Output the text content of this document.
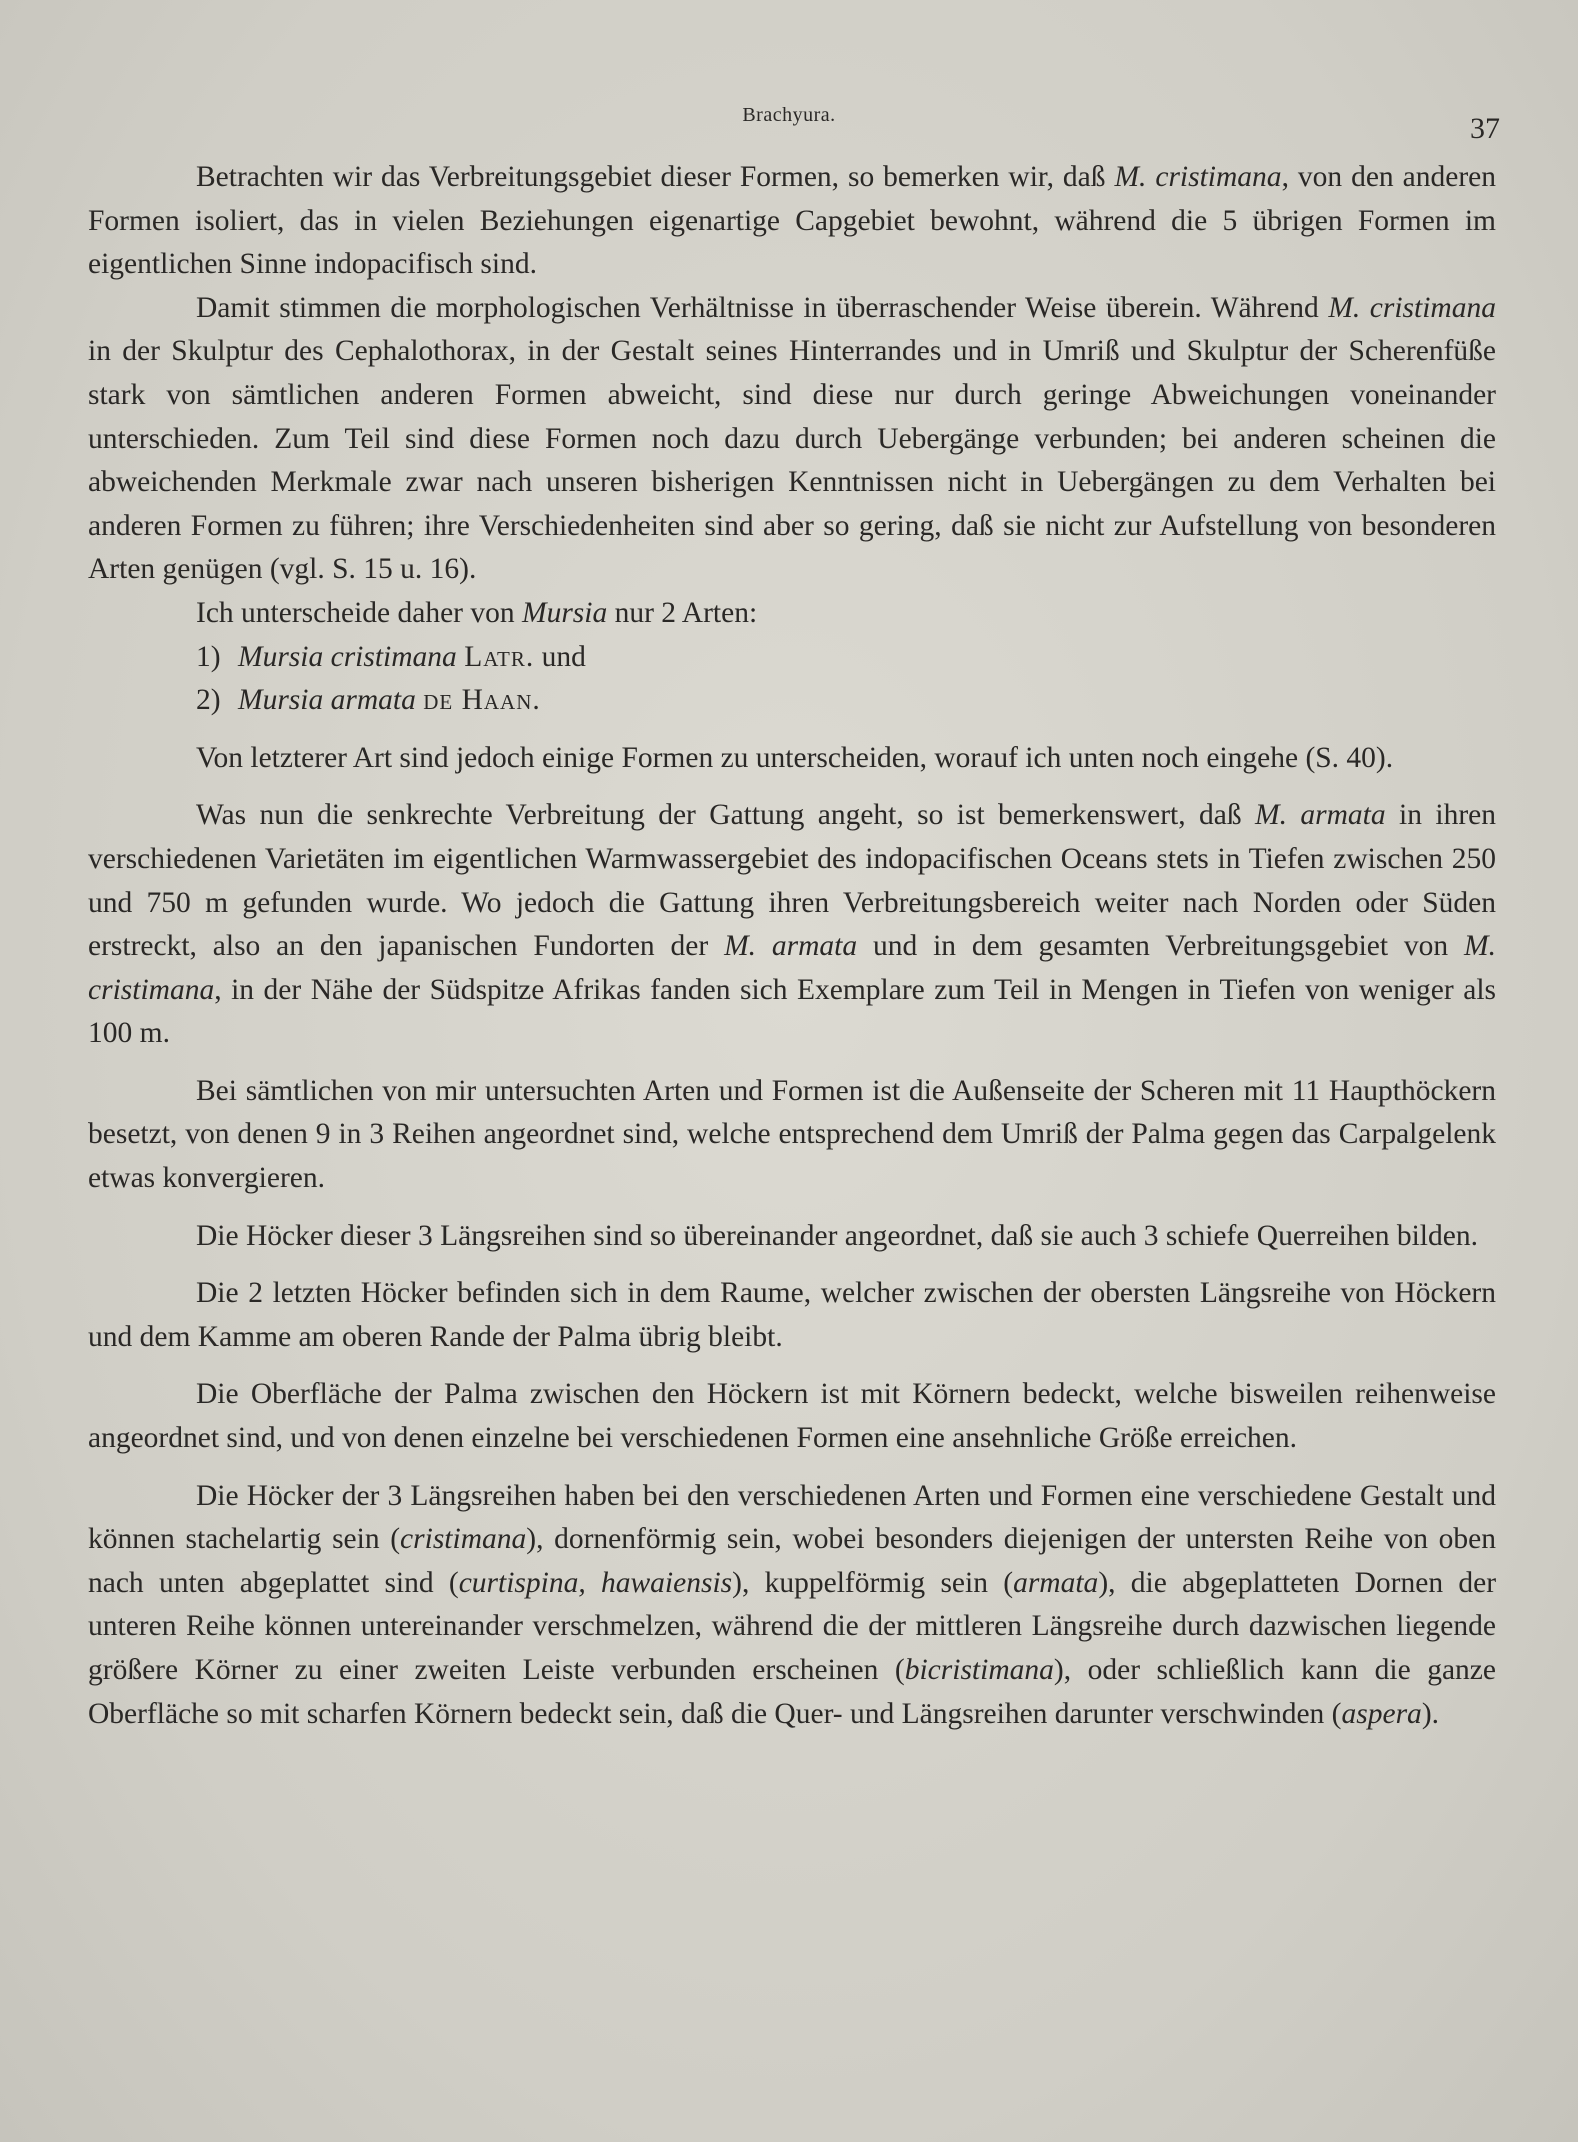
Brachyura.	37

Betrachten wir das Verbreitungsgebiet dieser Formen, so bemerken wir, daß M. cristimana, von den anderen Formen isoliert, das in vielen Beziehungen eigenartige Capgebiet bewohnt, während die 5 übrigen Formen im eigentlichen Sinne indopacifisch sind.

Damit stimmen die morphologischen Verhältnisse in überraschender Weise überein. Während M. cristimana in der Skulptur des Cephalothorax, in der Gestalt seines Hinterrandes und in Umriß und Skulptur der Scherenfüße stark von sämtlichen anderen Formen abweicht, sind diese nur durch geringe Abweichungen voneinander unterschieden. Zum Teil sind diese Formen noch dazu durch Uebergänge verbunden; bei anderen scheinen die abweichenden Merkmale zwar nach unseren bisherigen Kenntnissen nicht in Uebergängen zu dem Verhalten bei anderen Formen zu führen; ihre Verschiedenheiten sind aber so gering, daß sie nicht zur Aufstellung von besonderen Arten genügen (vgl. S. 15 u. 16).

Ich unterscheide daher von Mursia nur 2 Arten:

1) Mursia cristimana Latr. und

2) Mursia armata de Haan.

Von letzterer Art sind jedoch einige Formen zu unterscheiden, worauf ich unten noch eingehe (S. 40).

Was nun die senkrechte Verbreitung der Gattung angeht, so ist bemerkenswert, daß M. armata in ihren verschiedenen Varietäten im eigentlichen Warmwassergebiet des indopacifischen Oceans stets in Tiefen zwischen 250 und 750 m gefunden wurde. Wo jedoch die Gattung ihren Verbreitungsbereich weiter nach Norden oder Süden erstreckt, also an den japanischen Fundorten der M. armata und in dem gesamten Verbreitungsgebiet von M. cristimana, in der Nähe der Südspitze Afrikas fanden sich Exemplare zum Teil in Mengen in Tiefen von weniger als 100 m.

Bei sämtlichen von mir untersuchten Arten und Formen ist die Außenseite der Scheren mit 11 Haupthöckern besetzt, von denen 9 in 3 Reihen angeordnet sind, welche entsprechend dem Umriß der Palma gegen das Carpalgelenk etwas konvergieren.

Die Höcker dieser 3 Längsreihen sind so übereinander angeordnet, daß sie auch 3 schiefe Querreihen bilden.

Die 2 letzten Höcker befinden sich in dem Raume, welcher zwischen der obersten Längsreihe von Höckern und dem Kamme am oberen Rande der Palma übrig bleibt.

Die Oberfläche der Palma zwischen den Höckern ist mit Körnern bedeckt, welche bisweilen reihenweise angeordnet sind, und von denen einzelne bei verschiedenen Formen eine ansehnliche Größe erreichen.

Die Höcker der 3 Längsreihen haben bei den verschiedenen Arten und Formen eine verschiedene Gestalt und können stachelartig sein (cristimana), dornenförmig sein, wobei besonders diejenigen der untersten Reihe von oben nach unten abgeplattet sind (curtispina, hawaiensis), kuppelförmig sein (armata), die abgeplatteten Dornen der unteren Reihe können untereinander verschmelzen, während die der mittleren Längsreihe durch dazwischen liegende größere Körner zu einer zweiten Leiste verbunden erscheinen (bicristimana), oder schließlich kann die ganze Oberfläche so mit scharfen Körnern bedeckt sein, daß die Quer- und Längsreihen darunter verschwinden (aspera).
